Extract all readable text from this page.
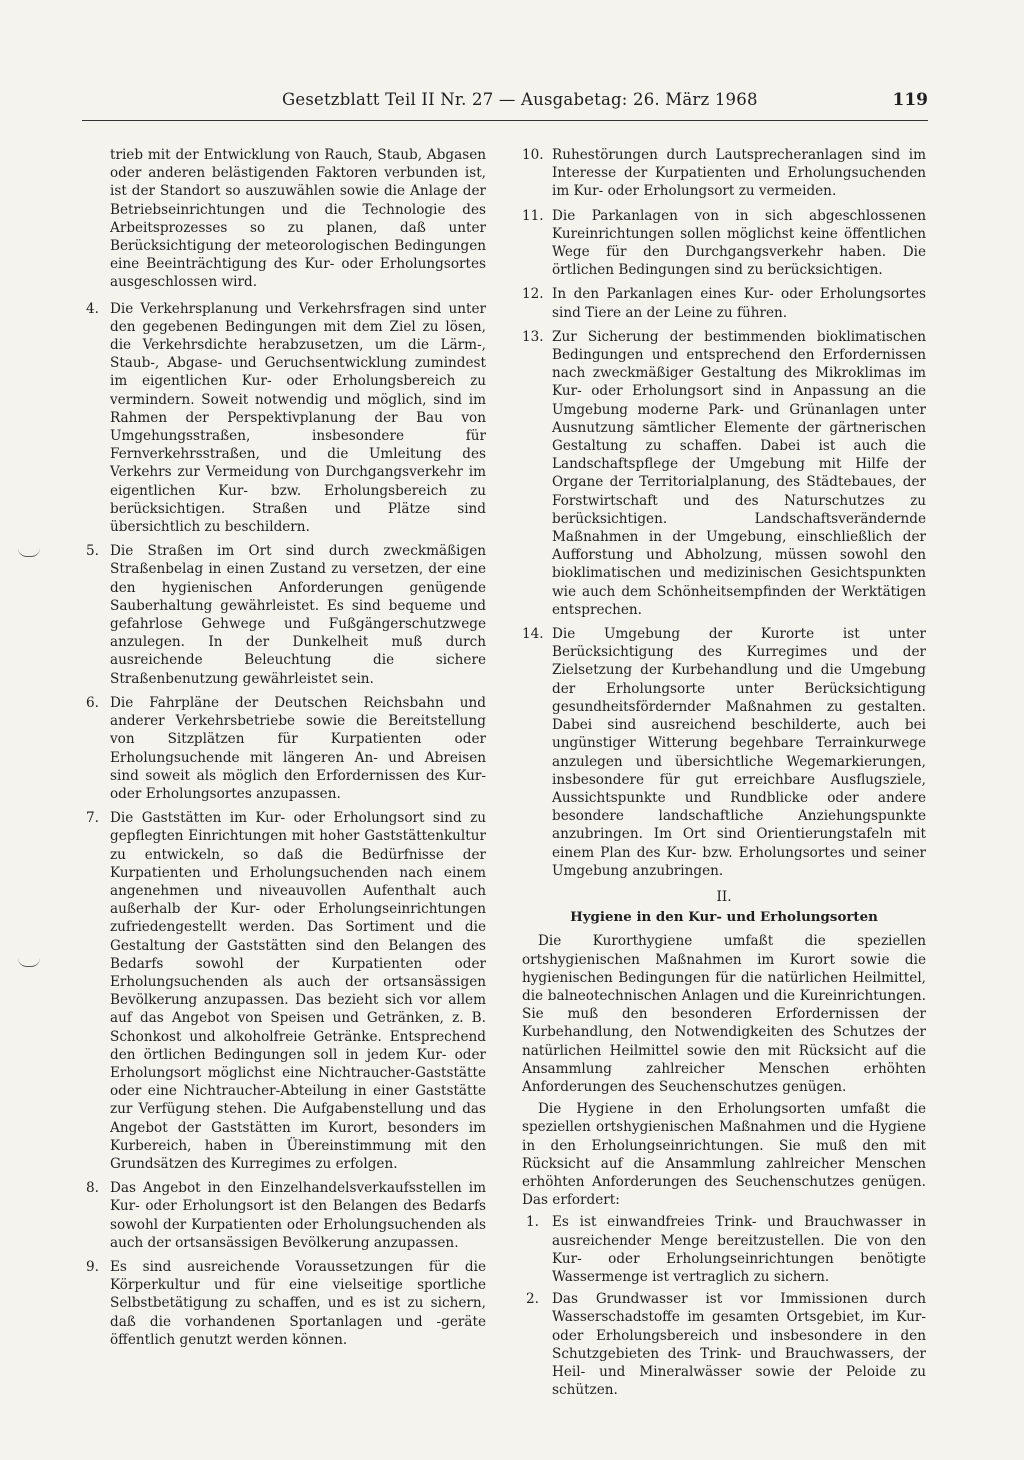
Gesetzblatt Teil II Nr. 27 — Ausgabetag: 26. März 1968	119

trieb mit der Entwicklung von Rauch, Staub, Abgasen oder anderen belästigenden Faktoren verbunden ist, ist der Standort so auszuwählen sowie die Anlage der Betriebseinrichtungen und die Technologie des Arbeitsprozesses so zu planen, daß unter Berücksichtigung der meteorologischen Bedingungen eine Beeinträchtigung des Kur- oder Erholungsortes ausgeschlossen wird.

4. Die Verkehrsplanung und Verkehrsfragen sind unter den gegebenen Bedingungen mit dem Ziel zu lösen, die Verkehrsdichte herabzusetzen, um die Lärm-, Staub-, Abgase- und Geruchsentwicklung zumindest im eigentlichen Kur- oder Erholungsbereich zu vermindern. Soweit notwendig und möglich, sind im Rahmen der Perspektivplanung der Bau von Umgehungsstraßen, insbesondere für Fernverkehrsstraßen, und die Umleitung des Verkehrs zur Vermeidung von Durchgangsverkehr im eigentlichen Kur- bzw. Erholungsbereich zu berücksichtigen. Straßen und Plätze sind übersichtlich zu beschildern.
5. Die Straßen im Ort sind durch zweckmäßigen Straßenbelag in einen Zustand zu versetzen, der eine den hygienischen Anforderungen genügende Sauberhaltung gewährleistet. Es sind bequeme und gefahrlose Gehwege und Fußgängerschutzwege anzulegen. In der Dunkelheit muß durch ausreichende Beleuchtung die sichere Straßenbenutzung gewährleistet sein.
6. Die Fahrpläne der Deutschen Reichsbahn und anderer Verkehrsbetriebe sowie die Bereitstellung von Sitzplätzen für Kurpatienten oder Erholungsuchende mit längeren An- und Abreisen sind soweit als möglich den Erfordernissen des Kur- oder Erholungsortes anzupassen.
7. Die Gaststätten im Kur- oder Erholungsort sind zu gepflegten Einrichtungen mit hoher Gaststättenkultur zu entwickeln, so daß die Bedürfnisse der Kurpatienten und Erholungsuchenden nach einem angenehmen und niveauvollen Aufenthalt auch außerhalb der Kur- oder Erholungseinrichtungen zufriedengestellt werden. Das Sortiment und die Gestaltung der Gaststätten sind den Belangen des Bedarfs sowohl der Kurpatienten oder Erholungsuchenden als auch der ortsansässigen Bevölkerung anzupassen. Das bezieht sich vor allem auf das Angebot von Speisen und Getränken, z. B. Schonkost und alkoholfreie Getränke. Entsprechend den örtlichen Bedingungen soll in jedem Kur- oder Erholungsort möglichst eine Nichtraucher-Gaststätte oder eine Nichtraucher-Abteilung in einer Gaststätte zur Verfügung stehen. Die Aufgabenstellung und das Angebot der Gaststätten im Kurort, besonders im Kurbereich, haben in Übereinstimmung mit den Grundsätzen des Kurregimes zu erfolgen.
8. Das Angebot in den Einzelhandelsverkaufsstellen im Kur- oder Erholungsort ist den Belangen des Bedarfs sowohl der Kurpatienten oder Erholungsuchenden als auch der ortsansässigen Bevölkerung anzupassen.
9. Es sind ausreichende Voraussetzungen für die Körperkultur und für eine vielseitige sportliche Selbstbetätigung zu schaffen, und es ist zu sichern, daß die vorhandenen Sportanlagen und -geräte öffentlich genutzt werden können.
10. Ruhestörungen durch Lautsprecheranlagen sind im Interesse der Kurpatienten und Erholungsuchenden im Kur- oder Erholungsort zu vermeiden.
11. Die Parkanlagen von in sich abgeschlossenen Kureinrichtungen sollen möglichst keine öffentlichen Wege für den Durchgangsverkehr haben. Die örtlichen Bedingungen sind zu berücksichtigen.
12. In den Parkanlagen eines Kur- oder Erholungsortes sind Tiere an der Leine zu führen.
13. Zur Sicherung der bestimmenden bioklimatischen Bedingungen und entsprechend den Erfordernissen nach zweckmäßiger Gestaltung des Mikroklimas im Kur- oder Erholungsort sind in Anpassung an die Umgebung moderne Park- und Grünanlagen unter Ausnutzung sämtlicher Elemente der gärtnerischen Gestaltung zu schaffen. Dabei ist auch die Landschaftspflege der Umgebung mit Hilfe der Organe der Territorialplanung, des Städtebaues, der Forstwirtschaft und des Naturschutzes zu berücksichtigen. Landschaftsverändernde Maßnahmen in der Umgebung, einschließlich der Aufforstung und Abholzung, müssen sowohl den bioklimatischen und medizinischen Gesichtspunkten wie auch dem Schönheitsempfinden der Werktätigen entsprechen.
14. Die Umgebung der Kurorte ist unter Berücksichtigung des Kurregimes und der Zielsetzung der Kurbehandlung und die Umgebung der Erholungsorte unter Berücksichtigung gesundheitsfördernder Maßnahmen zu gestalten. Dabei sind ausreichend beschilderte, auch bei ungünstiger Witterung begehbare Terrainkurwege anzulegen und übersichtliche Wegemarkierungen, insbesondere für gut erreichbare Ausflugsziele, Aussichtspunkte und Rundblicke oder andere besondere landschaftliche Anziehungspunkte anzubringen. Im Ort sind Orientierungstafeln mit einem Plan des Kur- bzw. Erholungsortes und seiner Umgebung anzubringen.
II.
Hygiene in den Kur- und Erholungsorten

Die Kurorthygiene umfaßt die speziellen ortshygienischen Maßnahmen im Kurort sowie die hygienischen Bedingungen für die natürlichen Heilmittel, die balneotechnischen Anlagen und die Kureinrichtungen. Sie muß den besonderen Erfordernissen der Kurbehandlung, den Notwendigkeiten des Schutzes der natürlichen Heilmittel sowie den mit Rücksicht auf die Ansammlung zahlreicher Menschen erhöhten Anforderungen des Seuchenschutzes genügen.

Die Hygiene in den Erholungsorten umfaßt die speziellen ortshygienischen Maßnahmen und die Hygiene in den Erholungseinrichtungen. Sie muß den mit Rücksicht auf die Ansammlung zahlreicher Menschen erhöhten Anforderungen des Seuchenschutzes genügen. Das erfordert:

1. Es ist einwandfreies Trink- und Brauchwasser in ausreichender Menge bereitzustellen. Die von den Kur- oder Erholungseinrichtungen benötigte Wassermenge ist vertraglich zu sichern.
2. Das Grundwasser ist vor Immissionen durch Wasserschadstoffe im gesamten Ortsgebiet, im Kur- oder Erholungsbereich und insbesondere in den Schutzgebieten des Trink- und Brauchwassers, der Heil- und Mineralwässer sowie der Peloide zu schützen.
